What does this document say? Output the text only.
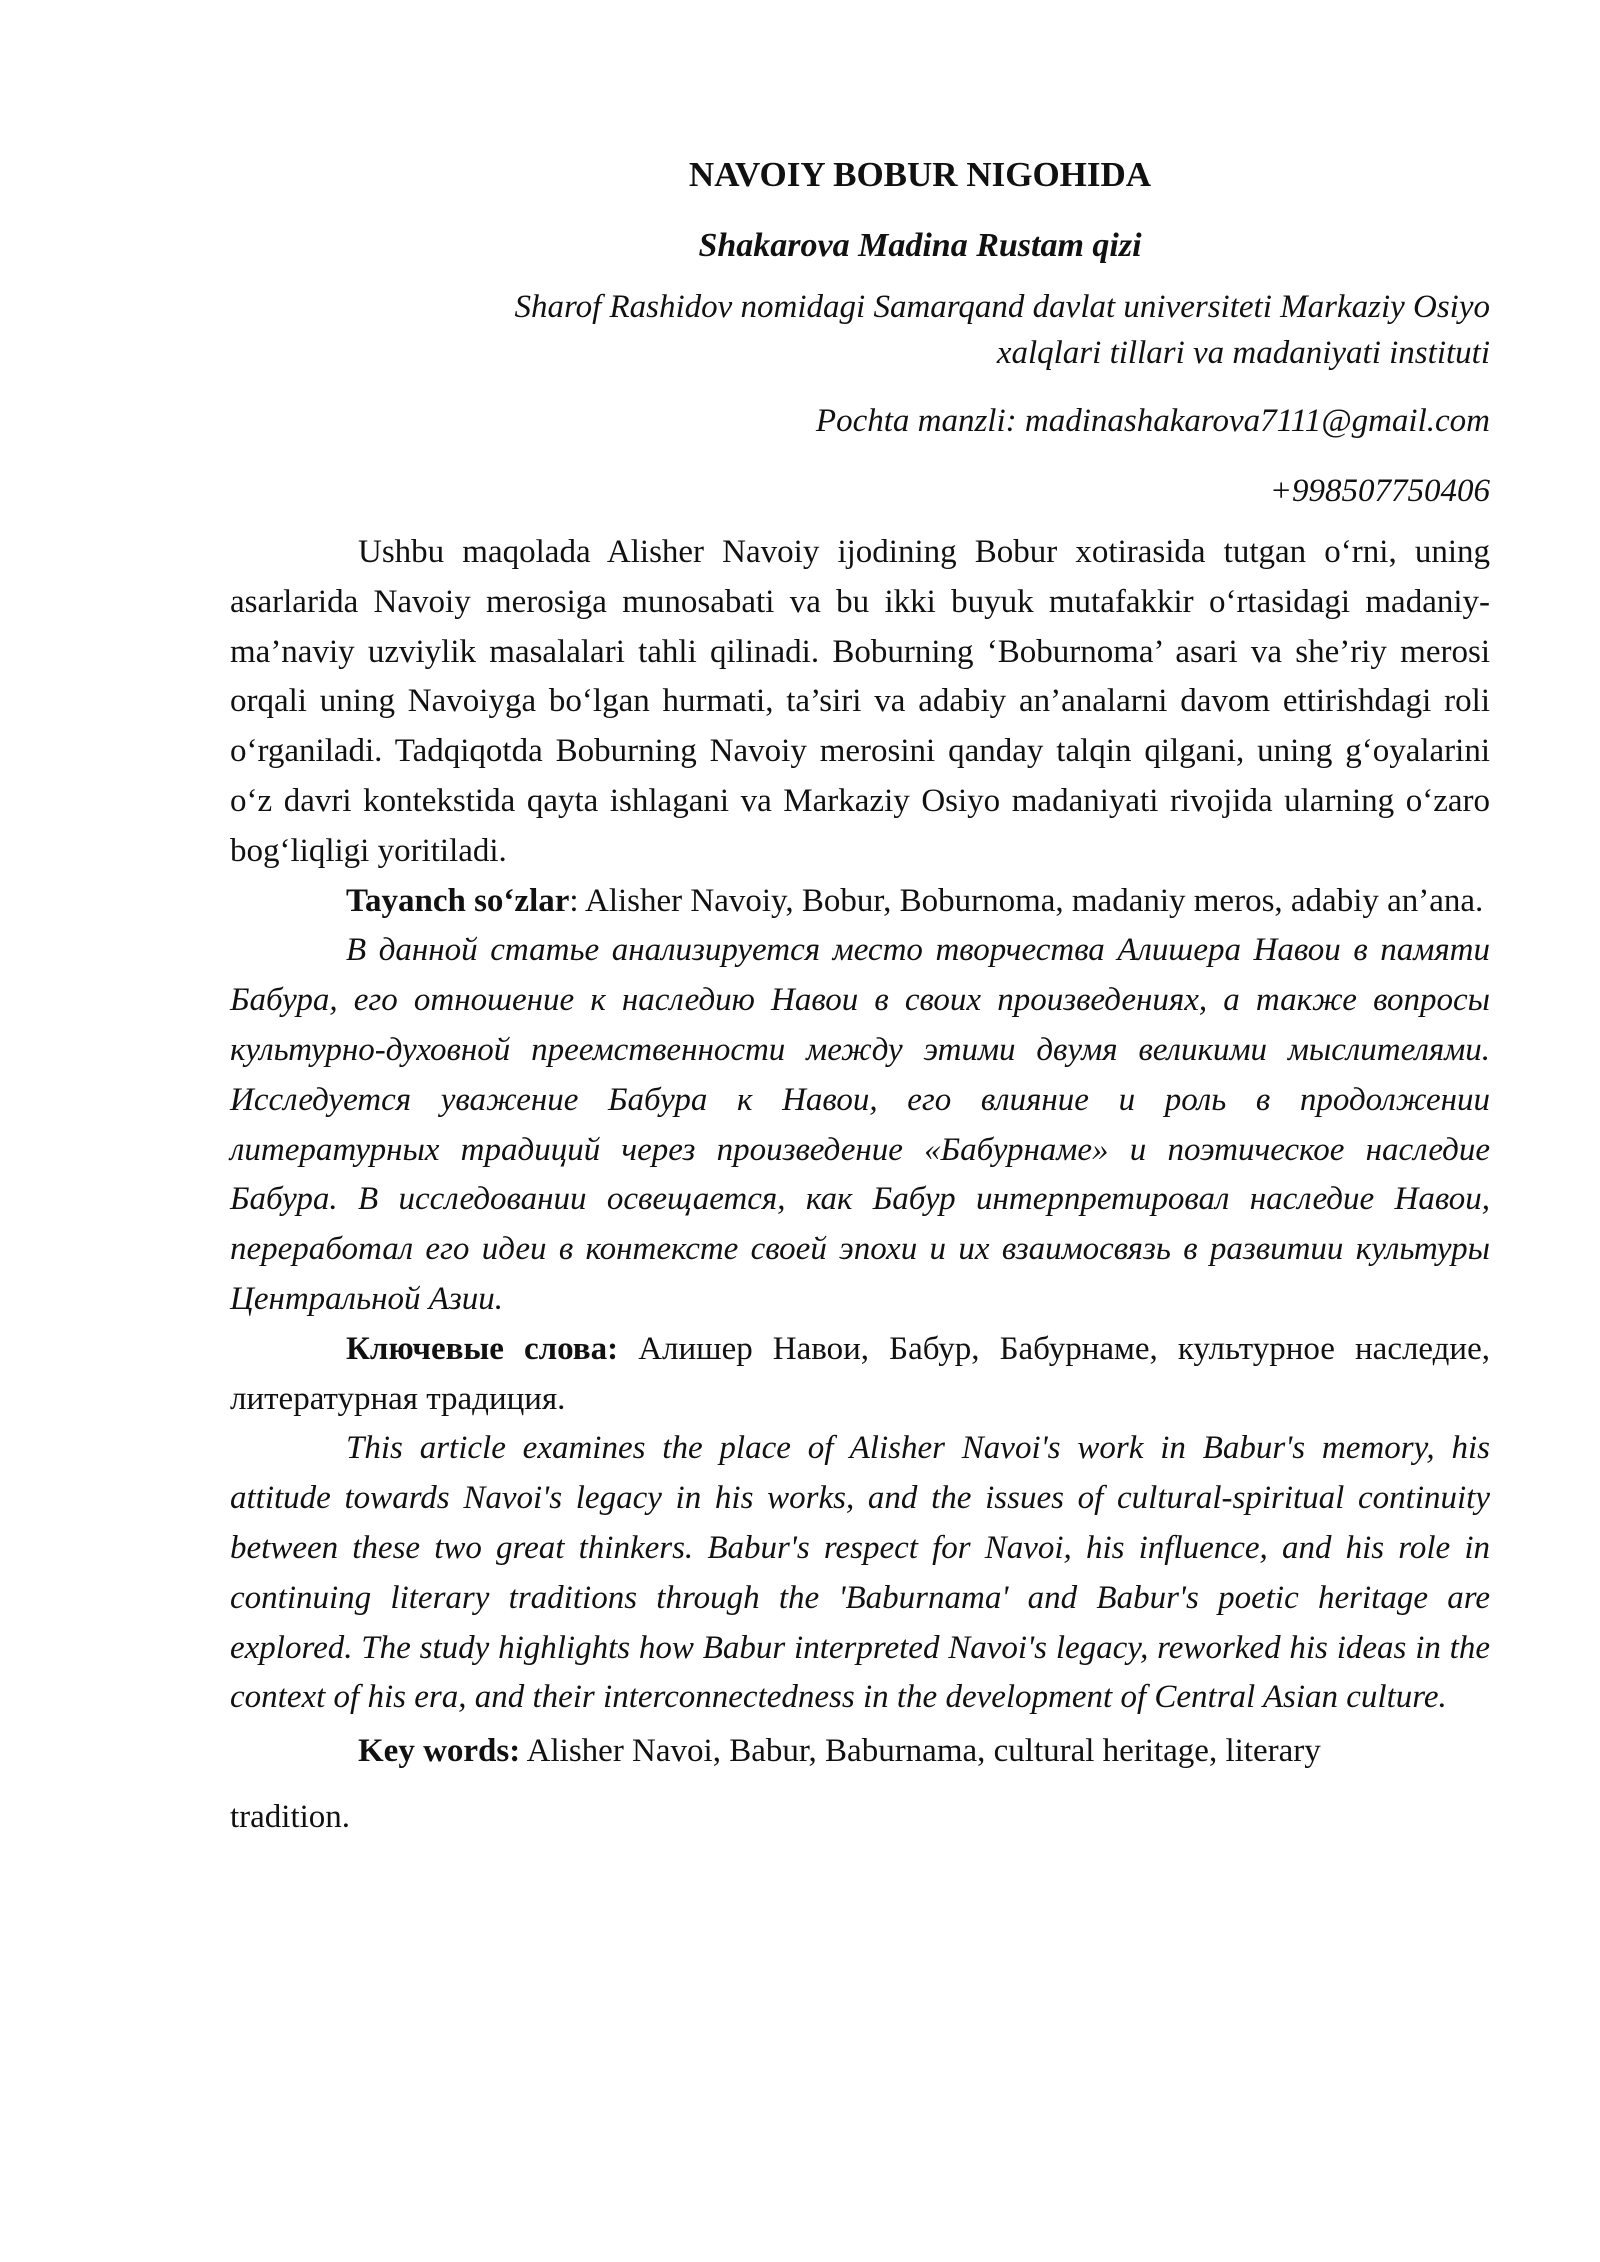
NAVOIY BOBUR NIGOHIDA
Shakarova Madina Rustam qizi
Sharof Rashidov nomidagi Samarqand davlat universiteti Markaziy Osiyo
xalqlari tillari va madaniyati instituti
Pochta manzli: madinashakarova7111@gmail.com
+998507750406

Ushbu maqolada Alisher Navoiy ijodining Bobur xotirasida tutgan o‘rni, uning asarlarida Navoiy merosiga munosabati va bu ikki buyuk mutafakkir o‘rtasidagi madaniy-ma’naviy uzviylik masalalari tahli qilinadi. Boburning ‘Boburnoma’ asari va she’riy merosi orqali uning Navoiyga bo‘lgan hurmati, ta’siri va adabiy an’analarni davom ettirishdagi roli o‘rganiladi. Tadqiqotda Boburning Navoiy merosini qanday talqin qilgani, uning g‘oyalarini o‘z davri kontekstida qayta ishlagani va Markaziy Osiyo madaniyati rivojida ularning o‘zaro bog‘liqligi yoritiladi.

Tayanch so‘zlar: Alisher Navoiy, Bobur, Boburnoma, madaniy meros, adabiy an’ana.

В данной статье анализируется место творчества Алишера Навои в памяти Бабура, его отношение к наследию Навои в своих произведениях, а также вопросы культурно-духовной преемственности между этими двумя великими мыслителями. Исследуется уважение Бабура к Навои, его влияние и роль в продолжении литературных традиций через произведение «Бабурнаме» и поэтическое наследие Бабура. В исследовании освещается, как Бабур интерпретировал наследие Навои, переработал его идеи в контексте своей эпохи и их взаимосвязь в развитии культуры Центральной Азии.

Ключевые слова: Алишер Навои, Бабур, Бабурнаме, культурное наследие, литературная традиция.

This article examines the place of Alisher Navoi's work in Babur's memory, his attitude towards Navoi's legacy in his works, and the issues of cultural-spiritual continuity between these two great thinkers. Babur's respect for Navoi, his influence, and his role in continuing literary traditions through the 'Baburnama' and Babur's poetic heritage are explored. The study highlights how Babur interpreted Navoi's legacy, reworked his ideas in the context of his era, and their interconnectedness in the development of Central Asian culture.

Key words: Alisher Navoi, Babur, Baburnama, cultural heritage, literary

tradition.
